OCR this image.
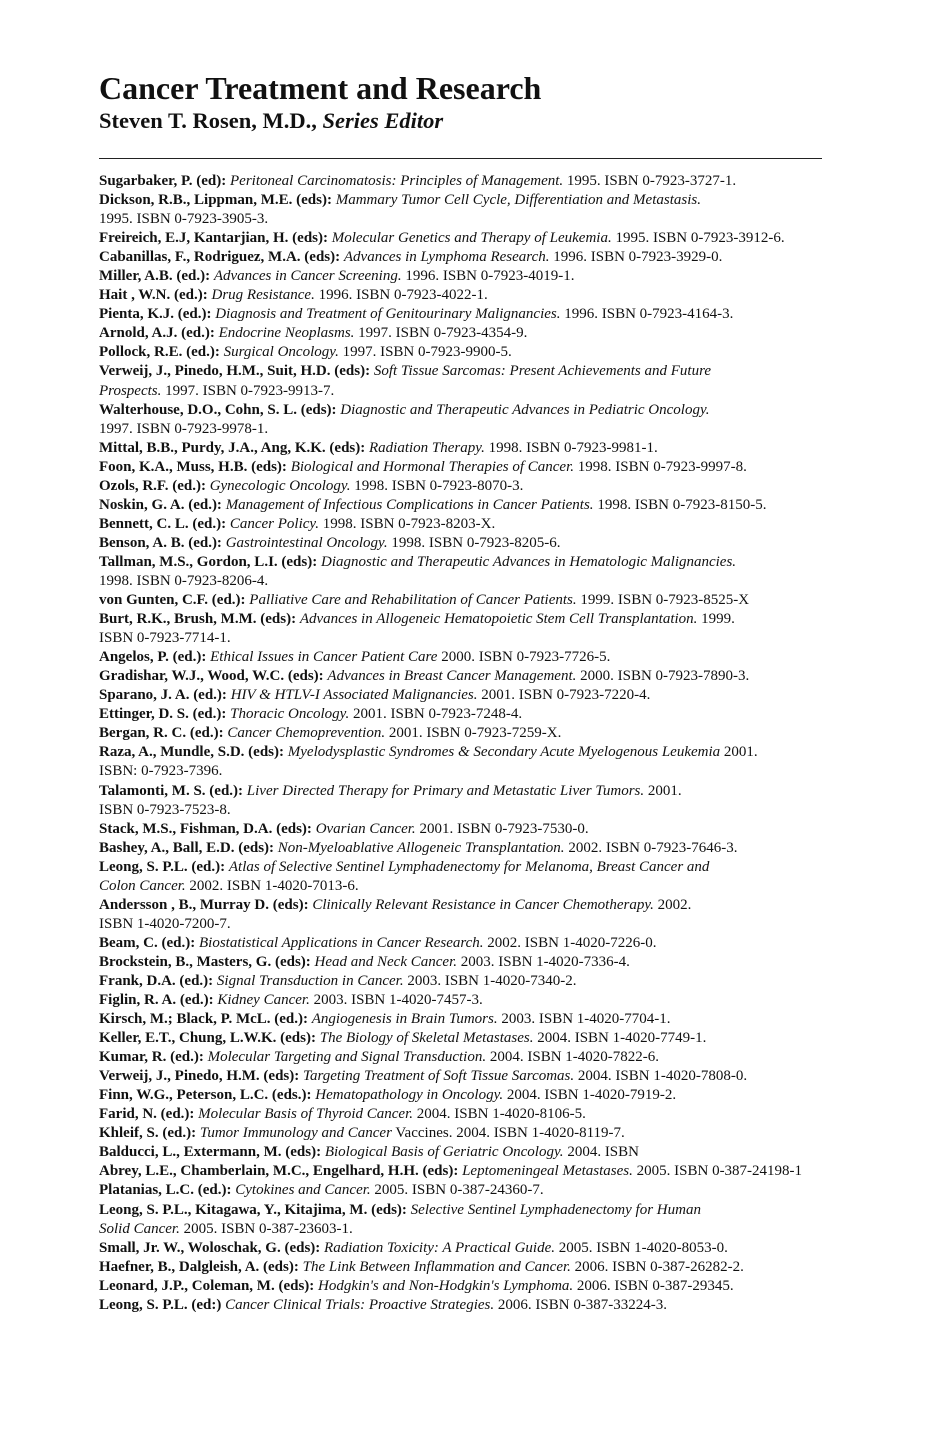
Cancer Treatment and Research
Steven T. Rosen, M.D., Series Editor
Sugarbaker, P. (ed): Peritoneal Carcinomatosis: Principles of Management. 1995. ISBN 0-7923-3727-1.
Dickson, R.B., Lippman, M.E. (eds): Mammary Tumor Cell Cycle, Differentiation and Metastasis.
1995. ISBN 0-7923-3905-3.
Freireich, E.J, Kantarjian, H. (eds): Molecular Genetics and Therapy of Leukemia. 1995. ISBN 0-7923-3912-6.
Cabanillas, F., Rodriguez, M.A. (eds): Advances in Lymphoma Research. 1996. ISBN 0-7923-3929-0.
Miller, A.B. (ed.): Advances in Cancer Screening. 1996. ISBN 0-7923-4019-1.
Hait , W.N. (ed.): Drug Resistance. 1996. ISBN 0-7923-4022-1.
Pienta, K.J. (ed.): Diagnosis and Treatment of Genitourinary Malignancies. 1996. ISBN 0-7923-4164-3.
Arnold, A.J. (ed.): Endocrine Neoplasms. 1997. ISBN 0-7923-4354-9.
Pollock, R.E. (ed.): Surgical Oncology. 1997. ISBN 0-7923-9900-5.
Verweij, J., Pinedo, H.M., Suit, H.D. (eds): Soft Tissue Sarcomas: Present Achievements and Future
Prospects. 1997. ISBN 0-7923-9913-7.
Walterhouse, D.O., Cohn, S. L. (eds): Diagnostic and Therapeutic Advances in Pediatric Oncology.
1997. ISBN 0-7923-9978-1.
Mittal, B.B., Purdy, J.A., Ang, K.K. (eds): Radiation Therapy. 1998. ISBN 0-7923-9981-1.
Foon, K.A., Muss, H.B. (eds): Biological and Hormonal Therapies of Cancer. 1998. ISBN 0-7923-9997-8.
Ozols, R.F. (ed.): Gynecologic Oncology. 1998. ISBN 0-7923-8070-3.
Noskin, G. A. (ed.): Management of Infectious Complications in Cancer Patients. 1998. ISBN 0-7923-8150-5.
Bennett, C. L. (ed.): Cancer Policy. 1998. ISBN 0-7923-8203-X.
Benson, A. B. (ed.): Gastrointestinal Oncology. 1998. ISBN 0-7923-8205-6.
Tallman, M.S., Gordon, L.I. (eds): Diagnostic and Therapeutic Advances in Hematologic Malignancies.
1998. ISBN 0-7923-8206-4.
von Gunten, C.F. (ed.): Palliative Care and Rehabilitation of Cancer Patients. 1999. ISBN 0-7923-8525-X
Burt, R.K., Brush, M.M. (eds): Advances in Allogeneic Hematopoietic Stem Cell Transplantation. 1999.
ISBN 0-7923-7714-1.
Angelos, P. (ed.): Ethical Issues in Cancer Patient Care 2000. ISBN 0-7923-7726-5.
Gradishar, W.J., Wood, W.C. (eds): Advances in Breast Cancer Management. 2000. ISBN 0-7923-7890-3.
Sparano, J. A. (ed.): HIV & HTLV-I Associated Malignancies. 2001. ISBN 0-7923-7220-4.
Ettinger, D. S. (ed.): Thoracic Oncology. 2001. ISBN 0-7923-7248-4.
Bergan, R. C. (ed.): Cancer Chemoprevention. 2001. ISBN 0-7923-7259-X.
Raza, A., Mundle, S.D. (eds): Myelodysplastic Syndromes & Secondary Acute Myelogenous Leukemia 2001.
ISBN: 0-7923-7396.
Talamonti, M. S. (ed.): Liver Directed Therapy for Primary and Metastatic Liver Tumors. 2001.
ISBN 0-7923-7523-8.
Stack, M.S., Fishman, D.A. (eds): Ovarian Cancer. 2001. ISBN 0-7923-7530-0.
Bashey, A., Ball, E.D. (eds): Non-Myeloablative Allogeneic Transplantation. 2002. ISBN 0-7923-7646-3.
Leong, S. P.L. (ed.): Atlas of Selective Sentinel Lymphadenectomy for Melanoma, Breast Cancer and
Colon Cancer. 2002. ISBN 1-4020-7013-6.
Andersson , B., Murray D. (eds): Clinically Relevant Resistance in Cancer Chemotherapy. 2002.
ISBN 1-4020-7200-7.
Beam, C. (ed.): Biostatistical Applications in Cancer Research. 2002. ISBN 1-4020-7226-0.
Brockstein, B., Masters, G. (eds): Head and Neck Cancer. 2003. ISBN 1-4020-7336-4.
Frank, D.A. (ed.): Signal Transduction in Cancer. 2003. ISBN 1-4020-7340-2.
Figlin, R. A. (ed.): Kidney Cancer. 2003. ISBN 1-4020-7457-3.
Kirsch, M.; Black, P. McL. (ed.): Angiogenesis in Brain Tumors. 2003. ISBN 1-4020-7704-1.
Keller, E.T., Chung, L.W.K. (eds): The Biology of Skeletal Metastases. 2004. ISBN 1-4020-7749-1.
Kumar, R. (ed.): Molecular Targeting and Signal Transduction. 2004. ISBN 1-4020-7822-6.
Verweij, J., Pinedo, H.M. (eds): Targeting Treatment of Soft Tissue Sarcomas. 2004. ISBN 1-4020-7808-0.
Finn, W.G., Peterson, L.C. (eds.): Hematopathology in Oncology. 2004. ISBN 1-4020-7919-2.
Farid, N. (ed.): Molecular Basis of Thyroid Cancer. 2004. ISBN 1-4020-8106-5.
Khleif, S. (ed.): Tumor Immunology and Cancer Vaccines. 2004. ISBN 1-4020-8119-7.
Balducci, L., Extermann, M. (eds): Biological Basis of Geriatric Oncology. 2004. ISBN
Abrey, L.E., Chamberlain, M.C., Engelhard, H.H. (eds): Leptomeningeal Metastases. 2005. ISBN 0-387-24198-1
Platanias, L.C. (ed.): Cytokines and Cancer. 2005. ISBN 0-387-24360-7.
Leong, S. P.L., Kitagawa, Y., Kitajima, M. (eds): Selective Sentinel Lymphadenectomy for Human
Solid Cancer. 2005. ISBN 0-387-23603-1.
Small, Jr. W., Woloschak, G. (eds): Radiation Toxicity: A Practical Guide. 2005. ISBN 1-4020-8053-0.
Haefner, B., Dalgleish, A. (eds): The Link Between Inflammation and Cancer. 2006. ISBN 0-387-26282-2.
Leonard, J.P., Coleman, M. (eds): Hodgkin's and Non-Hodgkin's Lymphoma. 2006. ISBN 0-387-29345.
Leong, S. P.L. (ed:) Cancer Clinical Trials: Proactive Strategies. 2006. ISBN 0-387-33224-3.
